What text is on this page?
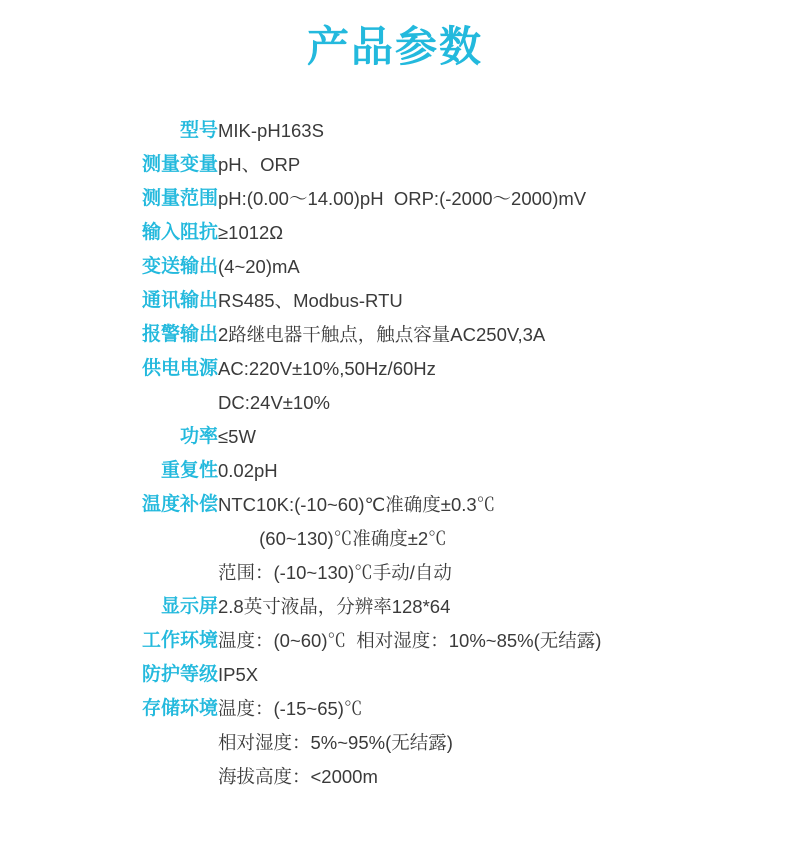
产品参数
型号	MIK-pH163S

测量变量	pH、ORP

测量范围	pH:(0.00～14.00)pH  ORP:(-2000～2000)mV

输入阻抗	≥1012Ω

变送输出	(4~20)mA

通讯输出	RS485、Modbus-RTU

报警输出	2路继电器干触点，触点容量AC250V,3A

供电电源	AC:220V±10%,50Hz/60Hz
DC:24V±10%

功率	≤5W

重复性	0.02pH

温度补偿	NTC10K:(-10~60)℃准确度±0.3℃
(60~130)℃准确度±2℃
范围：(-10~130)℃手动/自动

显示屏	2.8英寸液晶，分辨率128*64

工作环境	温度：(0~60)℃  相对湿度：10%~85%(无结露)

防护等级	IP5X

存储环境	温度：(-15~65)℃
相对湿度：5%~95%(无结露)
海拔高度：<2000m
